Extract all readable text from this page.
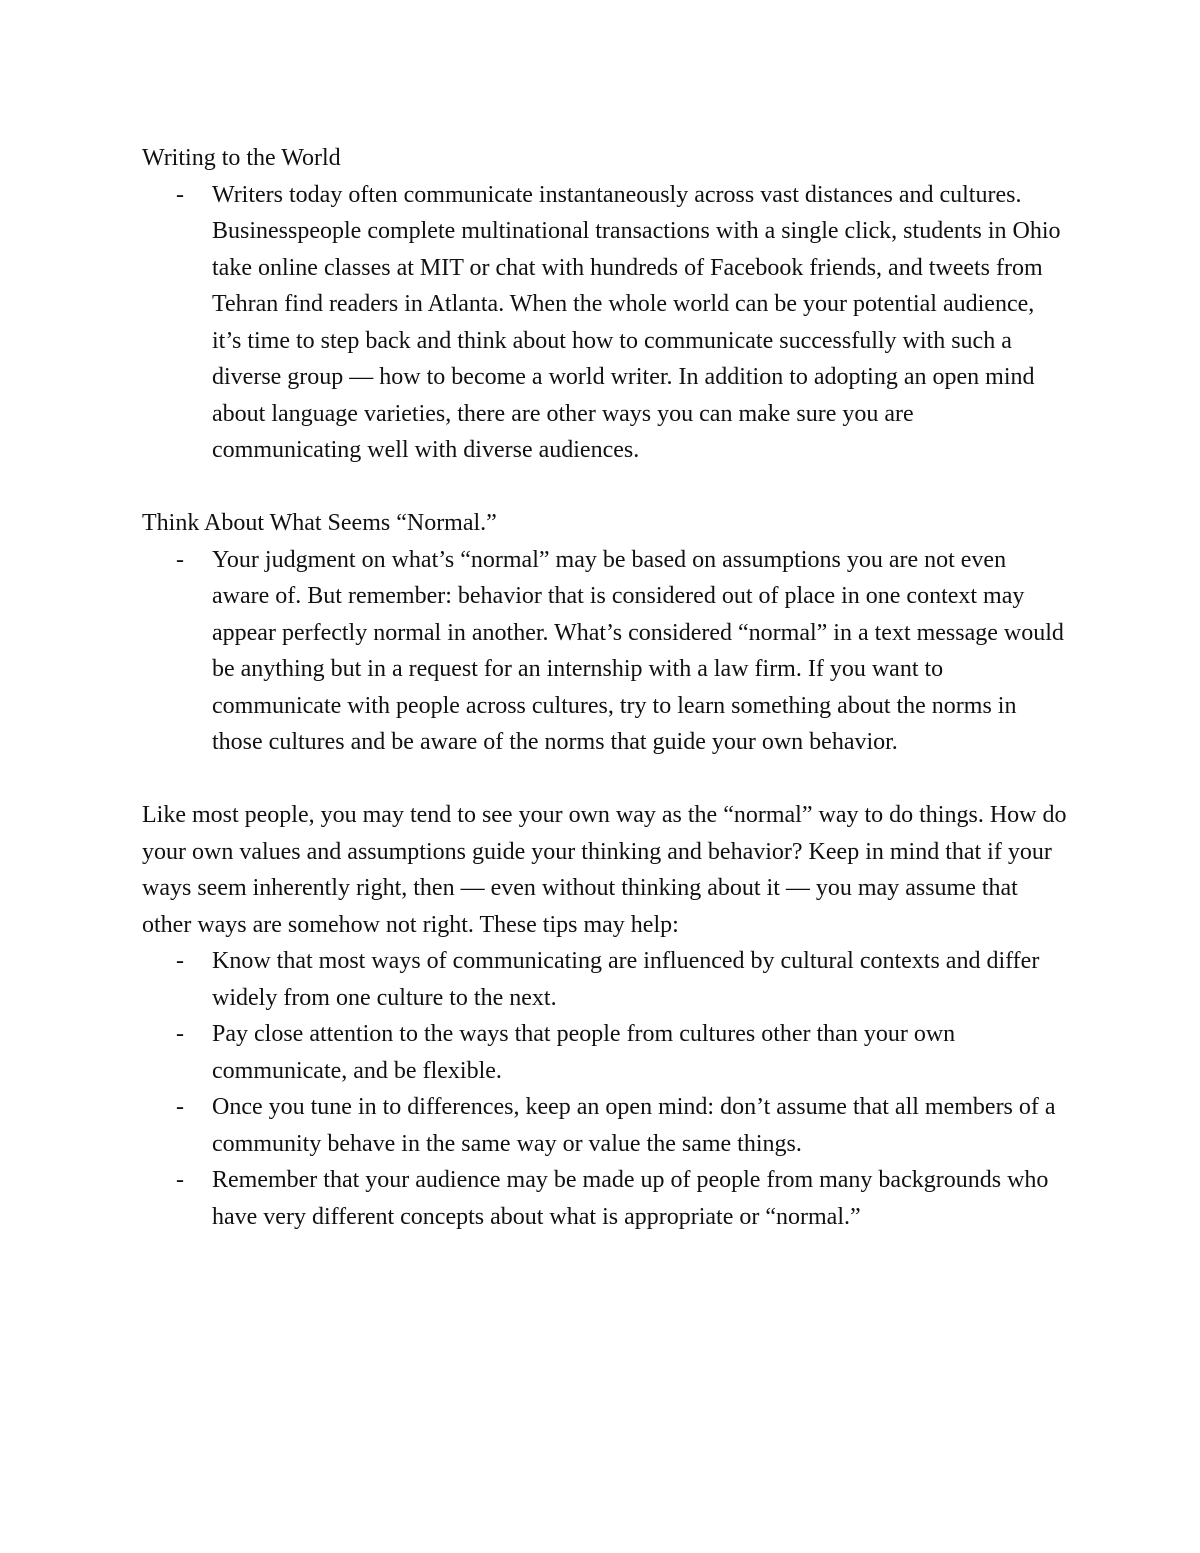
Writing to the World

- Writers today often communicate instantaneously across vast distances and cultures. Businesspeople complete multinational transactions with a single click, students in Ohio take online classes at MIT or chat with hundreds of Facebook friends, and tweets from Tehran find readers in Atlanta. When the whole world can be your potential audience, it’s time to step back and think about how to communicate successfully with such a diverse group — how to become a world writer. In addition to adopting an open mind about language varieties, there are other ways you can make sure you are communicating well with diverse audiences.

Think About What Seems “Normal.”

- Your judgment on what’s “normal” may be based on assumptions you are not even aware of. But remember: behavior that is considered out of place in one context may appear perfectly normal in another. What’s considered “normal” in a text message would be anything but in a request for an internship with a law firm. If you want to communicate with people across cultures, try to learn something about the norms in those cultures and be aware of the norms that guide your own behavior.

Like most people, you may tend to see your own way as the “normal” way to do things. How do your own values and assumptions guide your thinking and behavior? Keep in mind that if your ways seem inherently right, then — even without thinking about it — you may assume that other ways are somehow not right. These tips may help:

- Know that most ways of communicating are influenced by cultural contexts and differ widely from one culture to the next.
- Pay close attention to the ways that people from cultures other than your own communicate, and be flexible.
- Once you tune in to differences, keep an open mind: don’t assume that all members of a community behave in the same way or value the same things.
- Remember that your audience may be made up of people from many backgrounds who have very different concepts about what is appropriate or “normal.”
